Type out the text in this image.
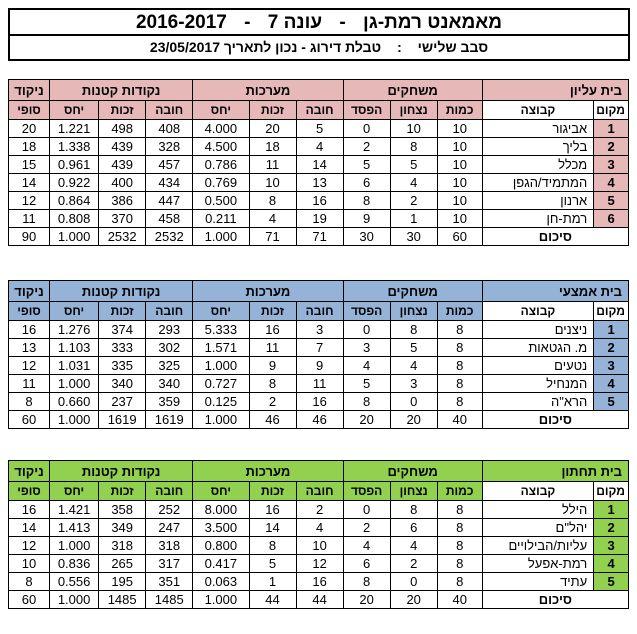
מאמאנט רמת-גן - עונה 7 - 2016-2017
סבב שלישי : טבלת דירוג - נכון לתאריך 23/05/2017
בית עליון		משחקים			מערכות			נקודות קטנות			ניקוד
מקום	קבוצה	כמות	נצחון	הפסד	חובה	זכות	יחס	חובה	זכות	יחס	סופי
1	אביגור	10	10	0	5	20	4.000	408	498	1.221	20
2	בליך	10	8	2	4	18	4.500	328	439	1.338	18
3	מכלל	10	5	5	14	11	0.786	457	439	0.961	15
4	המתמיד/הגפן	10	4	6	13	10	0.769	434	400	0.922	14
5	ארנון	10	2	8	16	8	0.500	447	386	0.864	12
6	רמת-חן	10	1	9	19	4	0.211	458	370	0.808	11
סיכום		60	30	30	71	71	1.000	2532	2532	1.000	90
בית אמצעי		משחקים			מערכות			נקודות קטנות			ניקוד
מקום	קבוצה	כמות	נצחון	הפסד	חובה	זכות	יחס	חובה	זכות	יחס	סופי
1	ניצנים	8	8	0	3	16	5.333	293	374	1.276	16
2	מ. הגטאות	8	5	3	7	11	1.571	302	333	1.103	13
3	נטעים	8	4	4	9	9	1.000	325	335	1.031	12
4	המנחיל	8	3	5	11	8	0.727	340	340	1.000	11
5	הרא"ה	8	0	8	16	2	0.125	359	237	0.660	8
סיכום		40	20	20	46	46	1.000	1619	1619	1.000	60
בית תחתון		משחקים			מערכות			נקודות קטנות			ניקוד
מקום	קבוצה	כמות	נצחון	הפסד	חובה	זכות	יחס	חובה	זכות	יחס	סופי
1	הילל	8	8	0	2	16	8.000	252	358	1.421	16
2	יהל"ם	8	6	2	4	14	3.500	247	349	1.413	14
3	עליות/הבילויים	8	4	4	10	8	0.800	318	318	1.000	12
4	רמת-אפעל	8	2	6	12	5	0.417	317	265	0.836	10
5	עתיד	8	0	8	16	1	0.063	351	195	0.556	8
סיכום		40	20	20	44	44	1.000	1485	1485	1.000	60
